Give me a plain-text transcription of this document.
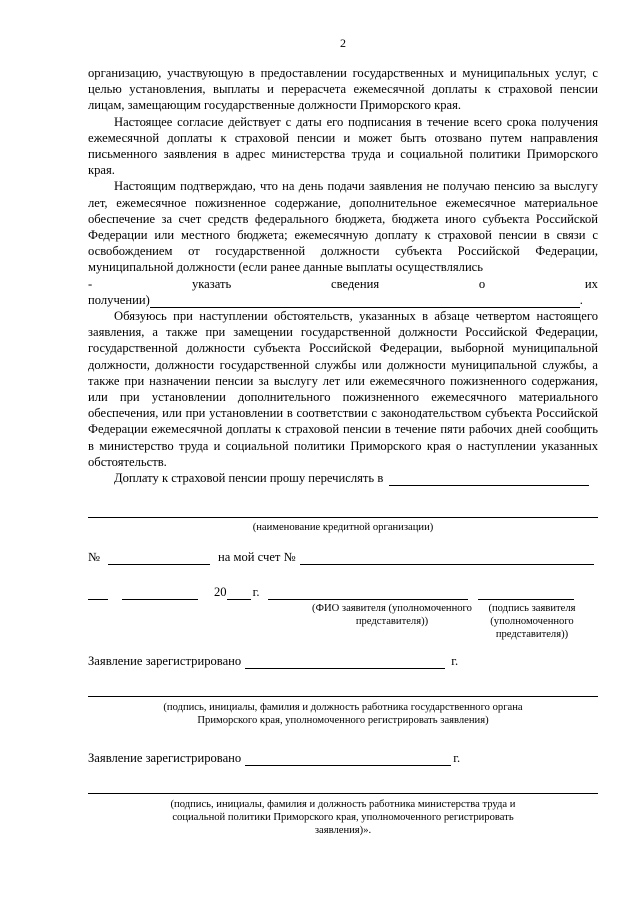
2

организацию, участвующую в предоставлении государственных и муниципальных услуг, с целью установления, выплаты и перерасчета ежемесячной доплаты к страховой пенсии лицам, замещающим государственные должности Приморского края.

Настоящее согласие действует с даты его подписания в течение всего срока получения ежемесячной доплаты к страховой пенсии и может быть отозвано путем направления письменного заявления в адрес министерства труда и социальной политики Приморского края.

Настоящим подтверждаю, что на день подачи заявления не получаю пенсию за выслугу лет, ежемесячное пожизненное содержание, дополнительное ежемесячное материальное обеспечение за счет средств федерального бюджета, бюджета иного субъекта Российской Федерации или местного бюджета; ежемесячную доплату к страховой пенсии в связи с освобождением от государственной должности субъекта Российской Федерации, муниципальной должности (если ранее данные выплаты осуществлялись

-	указать	сведения	о	их
получении)	.

Обязуюсь при наступлении обстоятельств, указанных в абзаце четвертом настоящего заявления, а также при замещении государственной должности Российской Федерации, государственной должности субъекта Российской Федерации, выборной муниципальной должности, должности государственной службы или должности муниципальной службы, а также при назначении пенсии за выслугу лет или ежемесячного пожизненного содержания, или при установлении дополнительного пожизненного ежемесячного материального обеспечения, или при установлении в соответствии с законодательством субъекта Российской Федерации ежемесячной доплаты к страховой пенсии в течение пяти рабочих дней сообщить в министерство труда и социальной политики Приморского края о наступлении указанных обстоятельств.

Доплату к страховой пенсии прошу перечислять в
(наименование кредитной организации)
№	на мой счет №
20 г.
(ФИО заявителя (уполномоченного представителя))
(подпись заявителя (уполномоченного представителя))
Заявление зарегистрировано	г.
(подпись, инициалы, фамилия и должность работника государственного органа Приморского края, уполномоченного регистрировать заявления)
Заявление зарегистрировано	г.
(подпись, инициалы, фамилия и должность работника министерства труда и социальной политики Приморского края, уполномоченного регистрировать заявления)».
